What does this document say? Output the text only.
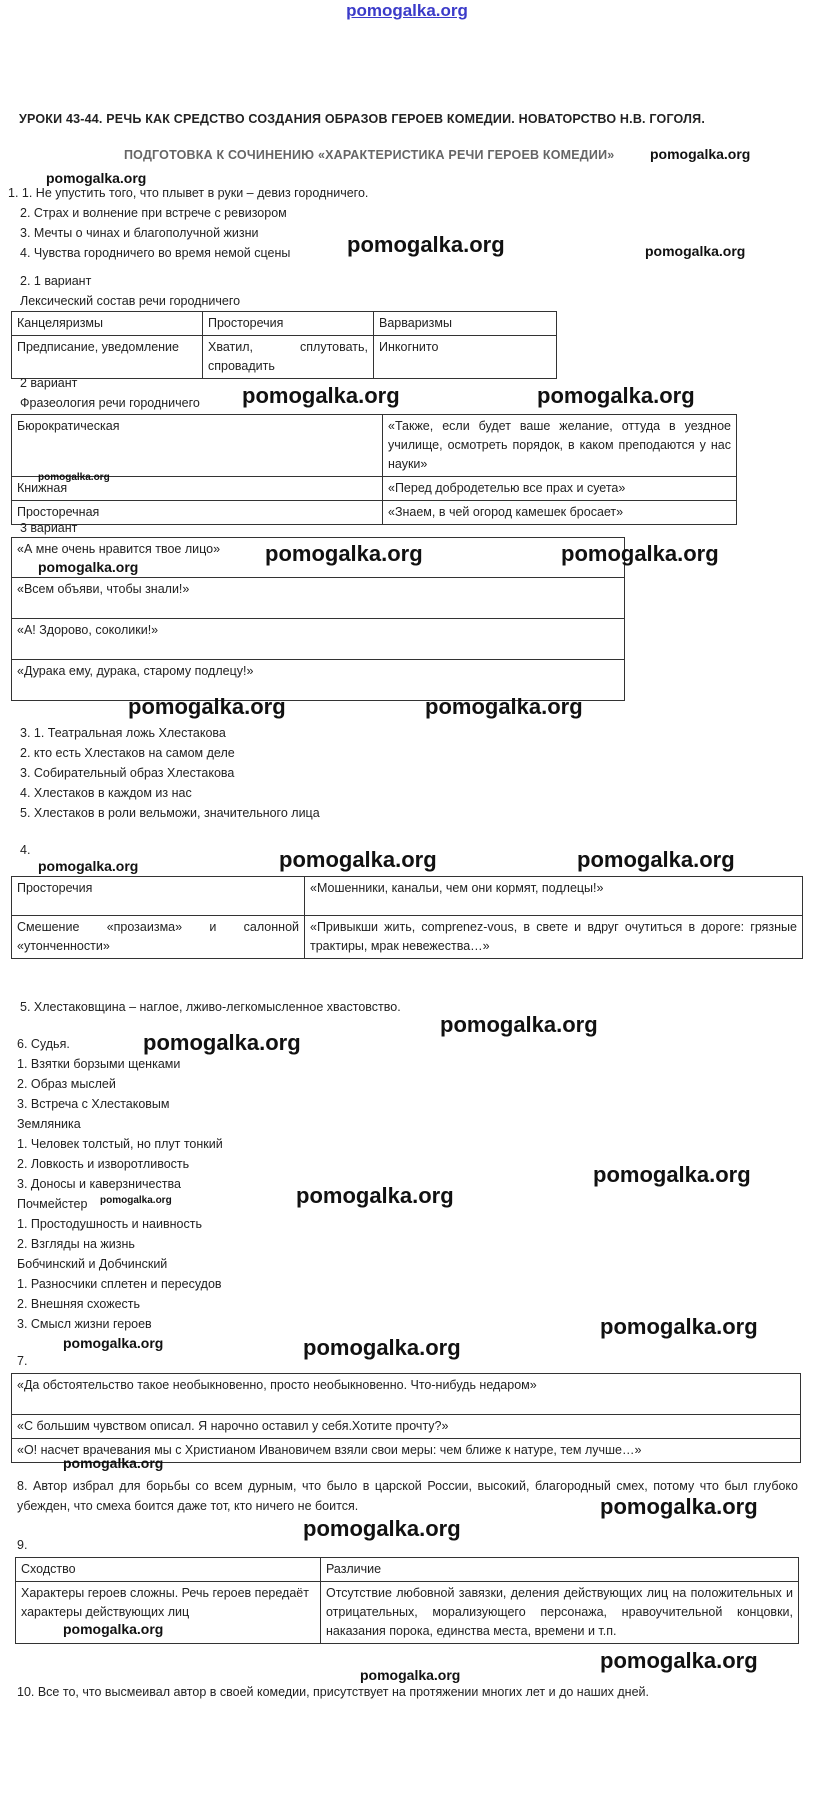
pomogalka.org
УРОКИ 43-44. РЕЧЬ КАК СРЕДСТВО СОЗДАНИЯ ОБРАЗОВ ГЕРОЕВ КОМЕДИИ. НОВАТОРСТВО Н.В. ГОГОЛЯ.
ПОДГОТОВКА К СОЧИНЕНИЮ «ХАРАКТЕРИСТИКА РЕЧИ ГЕРОЕВ КОМЕДИИ»
1. 1. Не упустить того, что плывет в руки – девиз городничего.
2. Страх и волнение при встрече с ревизором
3. Мечты о чинах и благополучной жизни
4. Чувства городничего во время немой сцены
2. 1 вариант
Лексический состав речи городничего
Канцеляризмы	Просторечия	Варваризмы
Предписание, уведомление	Хватил, сплутовать, спровадить	Инкогнито
2 вариант
Фразеология речи городничего
Бюрократическая	«Также, если будет ваше желание, оттуда в уездное училище, осмотреть порядок, в каком преподаются у нас науки»
Книжная	«Перед добродетелью все прах и суета»
Просторечная	«Знаем, в чей огород камешек бросает»
3 вариант
«А мне очень нравится твое лицо»
«Всем объяви, чтобы знали!»
«А! Здорово, соколики!»
«Дурака ему, дурака, старому подлецу!»
3. 1. Театральная ложь Хлестакова
2. кто есть Хлестаков на самом деле
3. Собирательный образ Хлестакова
4. Хлестаков в каждом из нас
5. Хлестаков в роли вельможи, значительного лица
4.
Просторечия	«Мошенники, канальи, чем они кормят, подлецы!»
Смешение «прозаизма» и салонной «утонченности»	«Привыкши жить, comprenez-vous, в свете и вдруг очутиться в дороге: грязные трактиры, мрак невежества…»
5. Хлестаковщина – наглое, лживо-легкомысленное хвастовство.
6. Судья.
1. Взятки борзыми щенками
2. Образ мыслей
3. Встреча с Хлестаковым
Земляника
1. Человек толстый, но плут тонкий
2. Ловкость и изворотливость
3. Доносы и каверзничества
Почмейстер
1. Простодушность и наивность
2. Взгляды на жизнь
Бобчинский и Добчинский
1. Разносчики сплетен и пересудов
2. Внешняя схожесть
3. Смысл жизни героев
7.
«Да обстоятельство такое необыкновенно, просто необыкновенно. Что-нибудь недаром»
«С большим чувством описал. Я нарочно оставил у себя.Хотите прочту?»
«О! насчет врачевания мы с Христианом Ивановичем взяли свои меры: чем ближе к натуре, тем лучше…»
8. Автор избрал для борьбы со всем дурным, что было в царской России, высокий, благородный смех, потому что был глубоко убежден, что смеха боится даже тот, кто ничего не боится.
9.
Сходство	Различие
Характеры героев сложны. Речь героев передаёт характеры действующих лиц	Отсутствие любовной завязки, деления действующих лиц на положительных и отрицательных, морализующего персонажа, нравоучительной концовки, наказания порока, единства места, времени и т.п.
10. Все то, что высмеивал автор в своей комедии, присутствует на протяжении многих лет и до наших дней.
pomogalka.org
pomogalka.org
pomogalka.org	pomogalka.org
pomogalka.org	pomogalka.org
pomogalka.org
pomogalka.org	pomogalka.org
pomogalka.org
pomogalka.org	pomogalka.org
pomogalka.org	pomogalka.org	pomogalka.org
pomogalka.org
pomogalka.org
pomogalka.org
pomogalka.org
pomogalka.org
pomogalka.org
pomogalka.org	pomogalka.org
pomogalka.org
pomogalka.org
pomogalka.org
pomogalka.org
pomogalka.org
pomogalka.org
